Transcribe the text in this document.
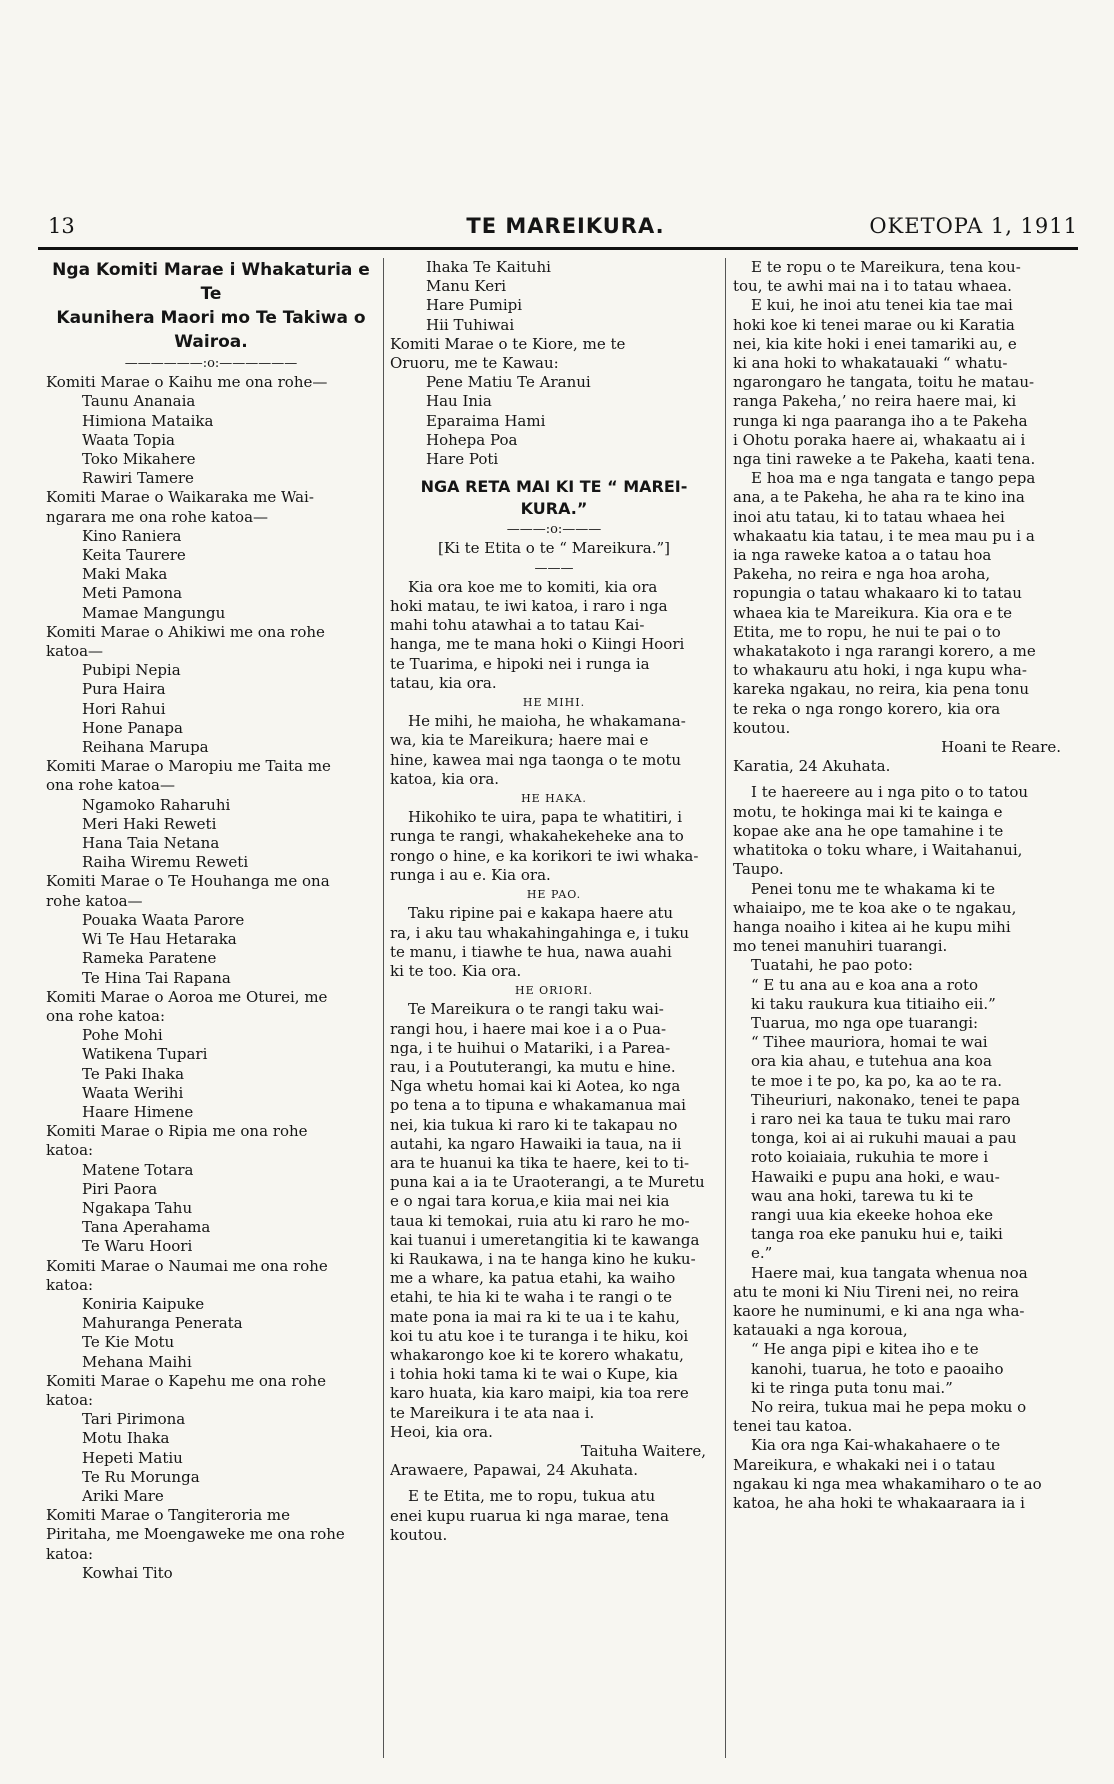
13	TE MAREIKURA.	OKETOPA 1, 1911
Nga Komiti Marae i Whakaturia e Te
Kaunihera Maori mo Te Takiwa o
Wairoa.
——————:o:——————
Komiti Marae o Kaihu me ona rohe—
Taunu Ananaia
Himiona Mataika
Waata Topia
Toko Mikahere
Rawiri Tamere
Komiti Marae o Waikaraka me Wai-
ngarara me ona rohe katoa—
Kino Raniera
Keita Taurere
Maki Maka
Meti Pamona
Mamae Mangungu
Komiti Marae o Ahikiwi me ona rohe
katoa—
Pubipi Nepia
Pura Haira
Hori Rahui
Hone Panapa
Reihana Marupa
Komiti Marae o Maropiu me Taita me
ona rohe katoa—
Ngamoko Raharuhi
Meri Haki Reweti
Hana Taia Netana
Raiha Wiremu Reweti
Komiti Marae o Te Houhanga me ona
rohe katoa—
Pouaka Waata Parore
Wi Te Hau Hetaraka
Rameka Paratene
Te Hina Tai Rapana
Komiti Marae o Aoroa me Oturei, me
ona rohe katoa:
Pohe Mohi
Watikena Tupari
Te Paki Ihaka
Waata Werihi
Haare Himene
Komiti Marae o Ripia me ona rohe
katoa:
Matene Totara
Piri Paora
Ngakapa Tahu
Tana Aperahama
Te Waru Hoori
Komiti Marae o Naumai me ona rohe
katoa:
Koniria Kaipuke
Mahuranga Penerata
Te Kie Motu
Mehana Maihi
Komiti Marae o Kapehu me ona rohe
katoa:
Tari Pirimona
Motu Ihaka
Hepeti Matiu
Te Ru Morunga
Ariki Mare
Komiti Marae o Tangiteroria me
Piritaha, me Moengaweke me ona rohe
katoa:
Kowhai Tito
Ihaka Te Kaituhi
Manu Keri
Hare Pumipi
Hii Tuhiwai
Komiti Marae o te Kiore, me te
Oruoru, me te Kawau:
Pene Matiu Te Aranui
Hau Inia
Eparaima Hami
Hohepa Poa
Hare Poti
NGA RETA MAI KI TE “ MAREI-
KURA.”
———:o:———
[Ki te Etita o te “ Mareikura.”]
———
Kia ora koe me to komiti, kia ora
hoki matau, te iwi katoa, i raro i nga
mahi tohu atawhai a to tatau Kai-
hanga, me te mana hoki o Kiingi Hoori
te Tuarima, e hipoki nei i runga ia
tatau, kia ora.
HE MIHI.
He mihi, he maioha, he whakamana-
wa, kia te Mareikura; haere mai e
hine, kawea mai nga taonga o te motu
katoa, kia ora.
HE HAKA.
Hikohiko te uira, papa te whatitiri, i
runga te rangi, whakahekeheke ana to
rongo o hine, e ka korikori te iwi whaka-
runga i au e. Kia ora.
HE PAO.
Taku ripine pai e kakapa haere atu
ra, i aku tau whakahingahinga e, i tuku
te manu, i tiawhe te hua, nawa auahi
ki te too. Kia ora.
HE ORIORI.
Te Mareikura o te rangi taku wai-
rangi hou, i haere mai koe i a o Pua-
nga, i te huihui o Matariki, i a Parea-
rau, i a Poututerangi, ka mutu e hine.
Nga whetu homai kai ki Aotea, ko nga
po tena a to tipuna e whakamanua mai
nei, kia tukua ki raro ki te takapau no
autahi, ka ngaro Hawaiki ia taua, na ii
ara te huanui ka tika te haere, kei to ti-
puna kai a ia te Uraoterangi, a te Muretu
e o ngai tara korua,e kiia mai nei kia
taua ki temokai, ruia atu ki raro he mo-
kai tuanui i umeretangitia ki te kawanga
ki Raukawa, i na te hanga kino he kuku-
me a whare, ka patua etahi, ka waiho
etahi, te hia ki te waha i te rangi o te
mate pona ia mai ra ki te ua i te kahu,
koi tu atu koe i te turanga i te hiku, koi
whakarongo koe ki te korero whakatu,
i tohia hoki tama ki te wai o Kupe, kia
karo huata, kia karo maipi, kia toa rere
te Mareikura i te ata naa i.
Heoi, kia ora.
Taituha Waitere,
Arawaere, Papawai, 24 Akuhata.
E te Etita, me to ropu, tukua atu
enei kupu ruarua ki nga marae, tena
koutou.
E te ropu o te Mareikura, tena kou-
tou, te awhi mai na i to tatau whaea.
E kui, he inoi atu tenei kia tae mai
hoki koe ki tenei marae ou ki Karatia
nei, kia kite hoki i enei tamariki au, e
ki ana hoki to whakatauaki “ whatu-
ngarongaro he tangata, toitu he matau-
ranga Pakeha,’ no reira haere mai, ki
runga ki nga paaranga iho a te Pakeha
i Ohotu poraka haere ai, whakaatu ai i
nga tini raweke a te Pakeha, kaati tena.
E hoa ma e nga tangata e tango pepa
ana, a te Pakeha, he aha ra te kino ina
inoi atu tatau, ki to tatau whaea hei
whakaatu kia tatau, i te mea mau pu i a
ia nga raweke katoa a o tatau hoa
Pakeha, no reira e nga hoa aroha,
ropungia o tatau whakaaro ki to tatau
whaea kia te Mareikura. Kia ora e te
Etita, me to ropu, he nui te pai o to
whakatakoto i nga rarangi korero, a me
to whakauru atu hoki, i nga kupu wha-
kareka ngakau, no reira, kia pena tonu
te reka o nga rongo korero, kia ora
koutou.
Hoani te Reare.
Karatia, 24 Akuhata.
I te haereere au i nga pito o to tatou
motu, te hokinga mai ki te kainga e
kopae ake ana he ope tamahine i te
whatitoka o toku whare, i Waitahanui,
Taupo.
Penei tonu me te whakama ki te
whaiaipo, me te koa ake o te ngakau,
hanga noaiho i kitea ai he kupu mihi
mo tenei manuhiri tuarangi.
Tuatahi, he pao poto:
“ E tu ana au e koa ana a roto
ki taku raukura kua titiaiho eii.”
Tuarua, mo nga ope tuarangi:
“ Tihee mauriora, homai te wai
ora kia ahau, e tutehua ana koa
te moe i te po, ka po, ka ao te ra.
Tiheuriuri, nakonako, tenei te papa
i raro nei ka taua te tuku mai raro
tonga, koi ai ai rukuhi mauai a pau
roto koiaiaia, rukuhia te more i
Hawaiki e pupu ana hoki, e wau-
wau ana hoki, tarewa tu ki te
rangi uua kia ekeeke hohoa eke
tanga roa eke panuku hui e, taiki
e.”
Haere mai, kua tangata whenua noa
atu te moni ki Niu Tireni nei, no reira
kaore he numinumi, e ki ana nga wha-
katauaki a nga koroua,
“ He anga pipi e kitea iho e te
kanohi, tuarua, he toto e paoaiho
ki te ringa puta tonu mai.”
No reira, tukua mai he pepa moku o
tenei tau katoa.
Kia ora nga Kai-whakahaere o te
Mareikura, e whakaki nei i o tatau
ngakau ki nga mea whakamiharo o te ao
katoa, he aha hoki te whakaaraara ia i
